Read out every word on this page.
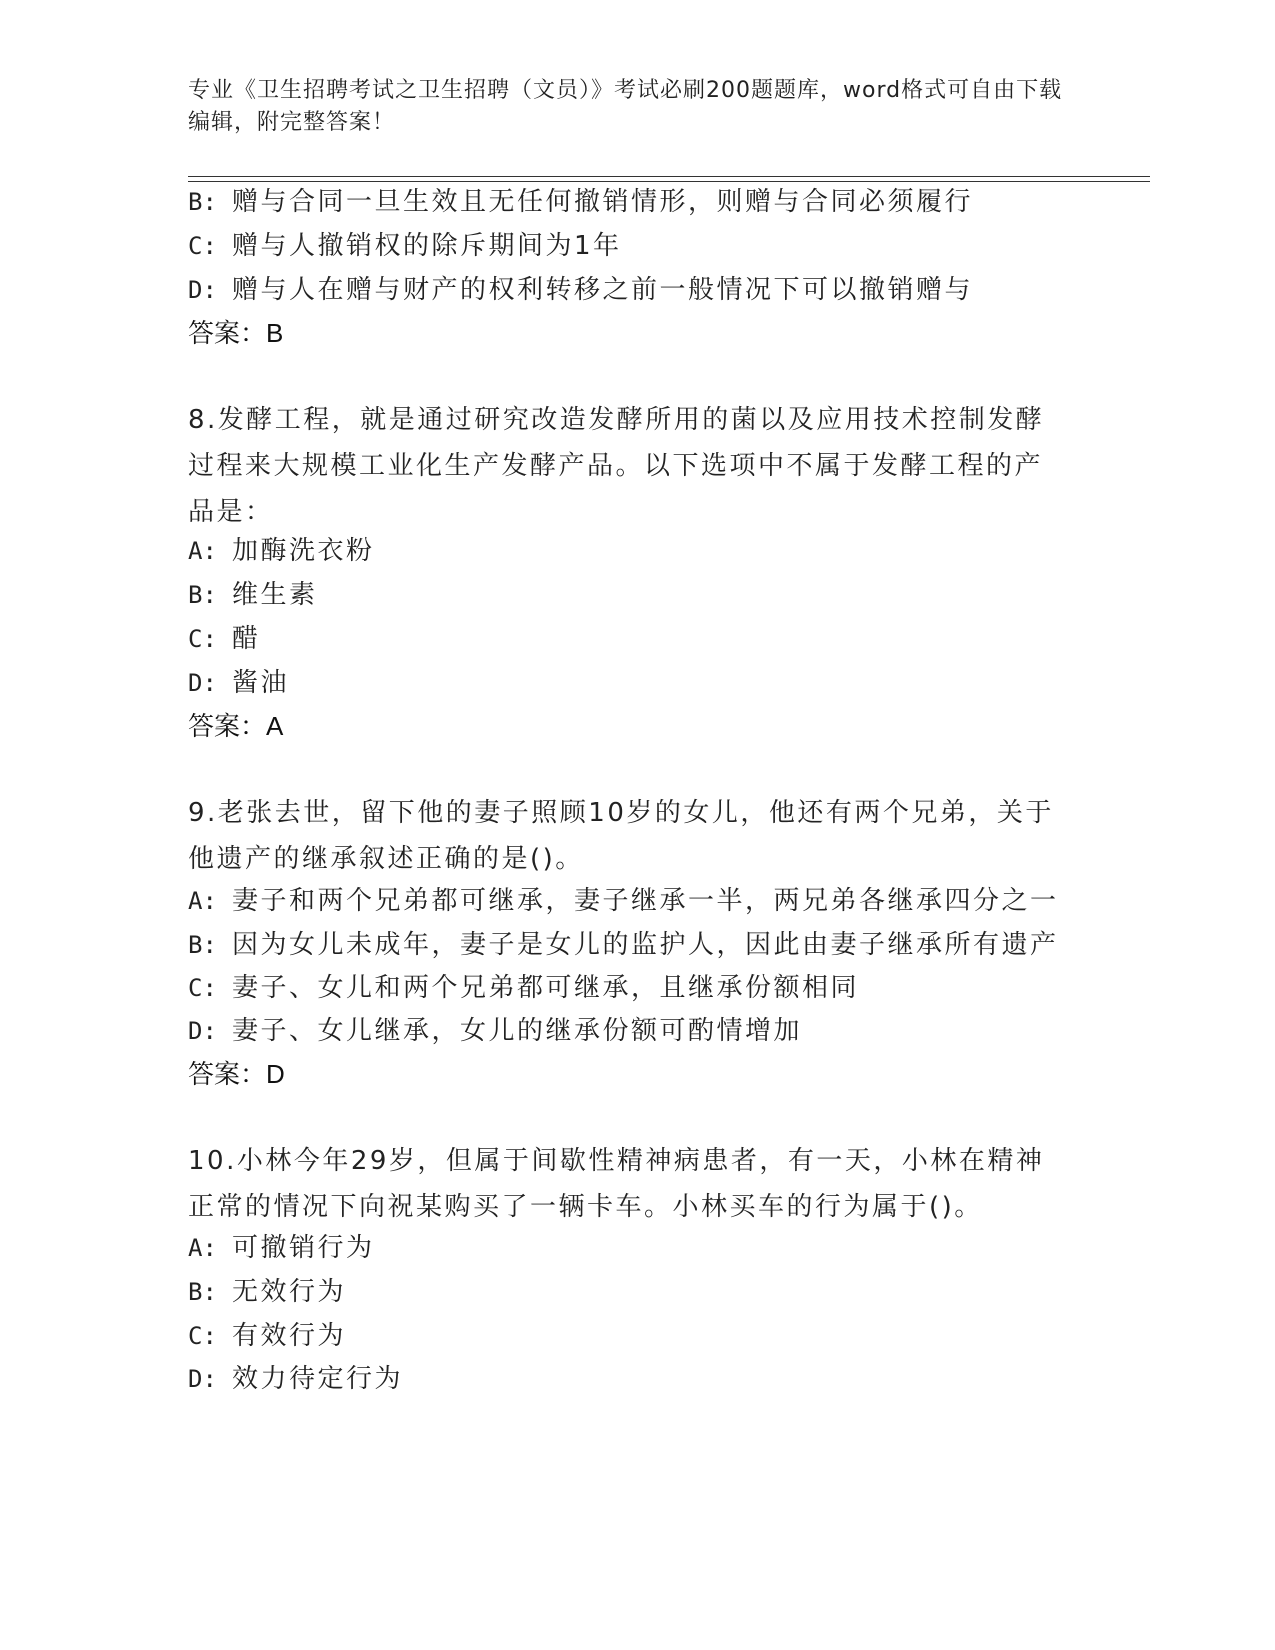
专业《卫生招聘考试之卫生招聘（文员）》考试必刷200题题库，word格式可自由下载编辑，附完整答案！
B: 赠与合同一旦生效且无任何撤销情形，则赠与合同必须履行
C: 赠与人撤销权的除斥期间为1年
D: 赠与人在赠与财产的权利转移之前一般情况下可以撤销赠与
答案：B
8.发酵工程，就是通过研究改造发酵所用的菌以及应用技术控制发酵过程来大规模工业化生产发酵产品。以下选项中不属于发酵工程的产品是：
A: 加酶洗衣粉
B: 维生素
C: 醋
D: 酱油
答案：A
9.老张去世，留下他的妻子照顾10岁的女儿，他还有两个兄弟，关于他遗产的继承叙述正确的是()。
A: 妻子和两个兄弟都可继承，妻子继承一半，两兄弟各继承四分之一
B: 因为女儿未成年，妻子是女儿的监护人，因此由妻子继承所有遗产
C: 妻子、女儿和两个兄弟都可继承，且继承份额相同
D: 妻子、女儿继承，女儿的继承份额可酌情增加
答案：D
10.小林今年29岁，但属于间歇性精神病患者，有一天，小林在精神正常的情况下向祝某购买了一辆卡车。小林买车的行为属于()。
A: 可撤销行为
B: 无效行为
C: 有效行为
D: 效力待定行为
